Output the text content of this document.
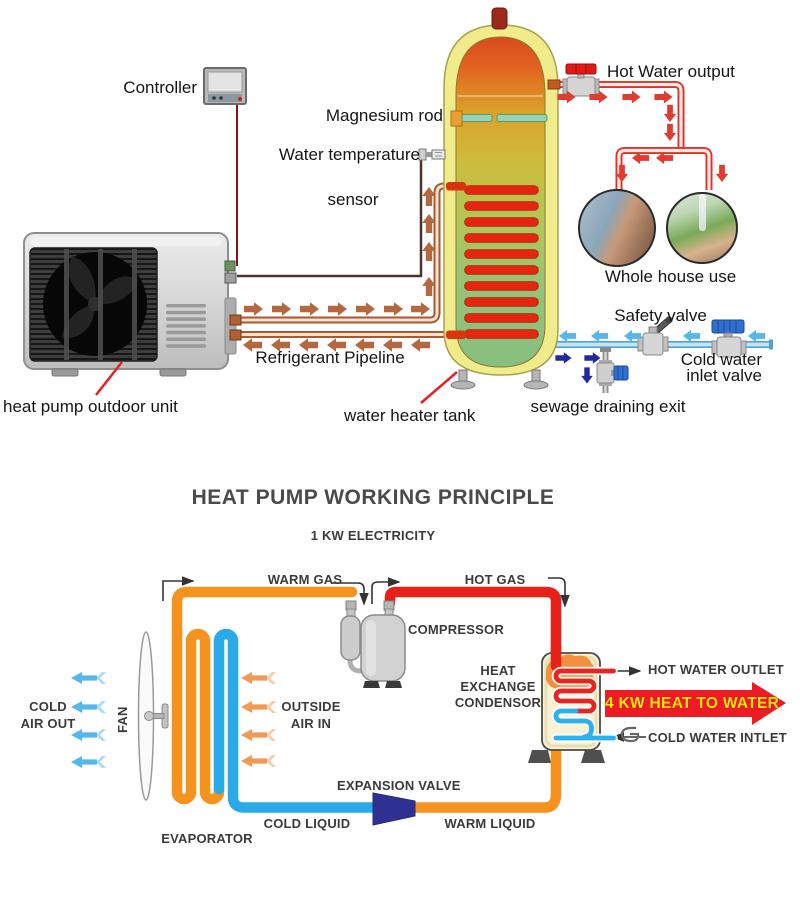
Controller
Magnesium rod
Water temperature
sensor
Hot Water output
Whole house use
Safety valve
Cold water
inlet valve
sewage draining exit
Refrigerant Pipeline
heat pump outdoor unit	water heater tank
HEAT PUMP WORKING PRINCIPLE
1 KW ELECTRICITY
WARM GAS	HOT GAS
COMPRESSOR
HEAT
EXCHANGE
CONDENSOR
HOT WATER OUTLET
4 KW HEAT TO WATER
COLD WATER INTLET
COLD
AIR OUT	FAN	OUTSIDE
AIR IN
EVAPORATOR
COLD LIQUID
EXPANSION VALVE
WARM LIQUID
